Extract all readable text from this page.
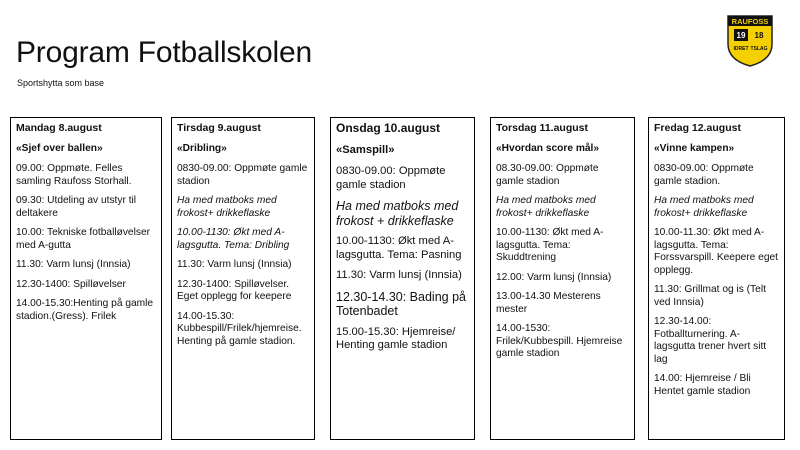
Program Fotballskolen
Sportshytta som base
RAUFOSS
19 18
IDRET TSLAG

Mandag 8.august

«Sjef over ballen»

09.00: Oppmøte. Felles samling Raufoss Storhall.

09.30: Utdeling av utstyr til deltakere

10.00: Tekniske fotballøvelser med A-gutta

11.30: Varm lunsj (Innsia)

12.30-1400: Spilløvelser

14.00-15.30:Henting på gamle stadion.(Gress). Frilek

Tirsdag 9.august

«Dribling»

0830-09.00: Oppmøte gamle stadion

Ha med matboks med frokost+ drikkeflaske

10.00-1130: Økt med A-lagsgutta. Tema: Dribling

11.30: Varm lunsj (Innsia)

12.30-1400: Spilløvelser. Eget opplegg for keepere

14.00-15.30: Kubbespill/Frilek/hjemreise. Henting på gamle stadion.

Onsdag 10.august

«Samspill»

0830-09.00: Oppmøte gamle stadion

Ha med matboks med frokost + drikkeflaske

10.00-1130: Økt med A-lagsgutta. Tema: Pasning

11.30: Varm lunsj (Innsia)

12.30-14.30: Bading på Totenbadet

15.00-15.30: Hjemreise/ Henting gamle stadion

Torsdag 11.august

«Hvordan score mål»

08.30-09.00: Oppmøte gamle stadion

Ha med matboks med frokost+ drikkeflaske

10.00-1130: Økt med A-lagsgutta. Tema: Skuddtrening

12.00: Varm lunsj (Innsia)

13.00-14.30 Mesterens mester

14.00-1530: Frilek/Kubbespill. Hjemreise gamle stadion

Fredag 12.august

«Vinne kampen»

0830-09.00: Oppmøte gamle stadion.

Ha med matboks med frokost+ drikkeflaske

10.00-11.30: Økt med A-lagsgutta. Tema: Forssvarspill. Keepere eget opplegg.

11.30: Grillmat og is (Telt ved Innsia)

12.30-14.00: Fotballturnering. A-lagsgutta trener hvert sitt lag

14.00: Hjemreise / Bli Hentet gamle stadion
